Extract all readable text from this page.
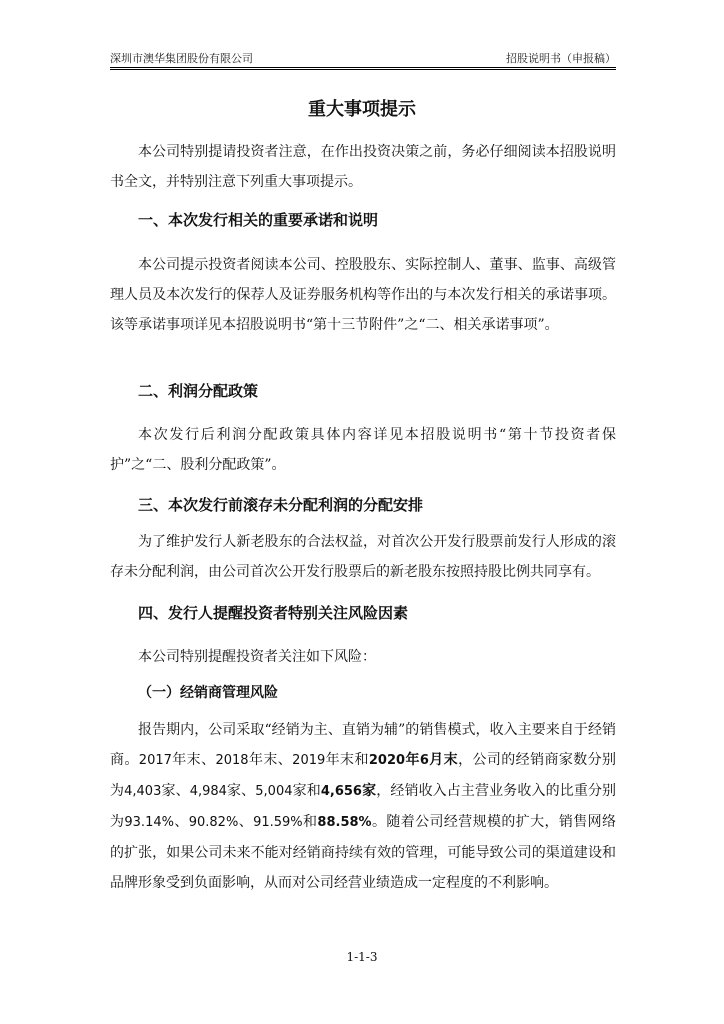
深圳市澳华集团股份有限公司	招股说明书（申报稿）
重大事项提示

本公司特别提请投资者注意，在作出投资决策之前，务必仔细阅读本招股说明书全文，并特别注意下列重大事项提示。

一、本次发行相关的重要承诺和说明

本公司提示投资者阅读本公司、控股股东、实际控制人、董事、监事、高级管理人员及本次发行的保荐人及证券服务机构等作出的与本次发行相关的承诺事项。该等承诺事项详见本招股说明书“第十三节附件”之“二、相关承诺事项”。

二、利润分配政策

本次发行后利润分配政策具体内容详见本招股说明书“第十节投资者保护”之“二、股利分配政策”。

三、本次发行前滚存未分配利润的分配安排

为了维护发行人新老股东的合法权益，对首次公开发行股票前发行人形成的滚存未分配利润，由公司首次公开发行股票后的新老股东按照持股比例共同享有。

四、发行人提醒投资者特别关注风险因素

本公司特别提醒投资者关注如下风险：

（一）经销商管理风险

报告期内，公司采取“经销为主、直销为辅”的销售模式，收入主要来自于经销商。2017年末、2018年末、2019年末和2020年6月末，公司的经销商家数分别为4,403家、4,984家、5,004家和4,656家，经销收入占主营业务收入的比重分别为93.14%、90.82%、91.59%和88.58%。随着公司经营规模的扩大，销售网络的扩张，如果公司未来不能对经销商持续有效的管理，可能导致公司的渠道建设和品牌形象受到负面影响，从而对公司经营业绩造成一定程度的不利影响。

1-1-3
